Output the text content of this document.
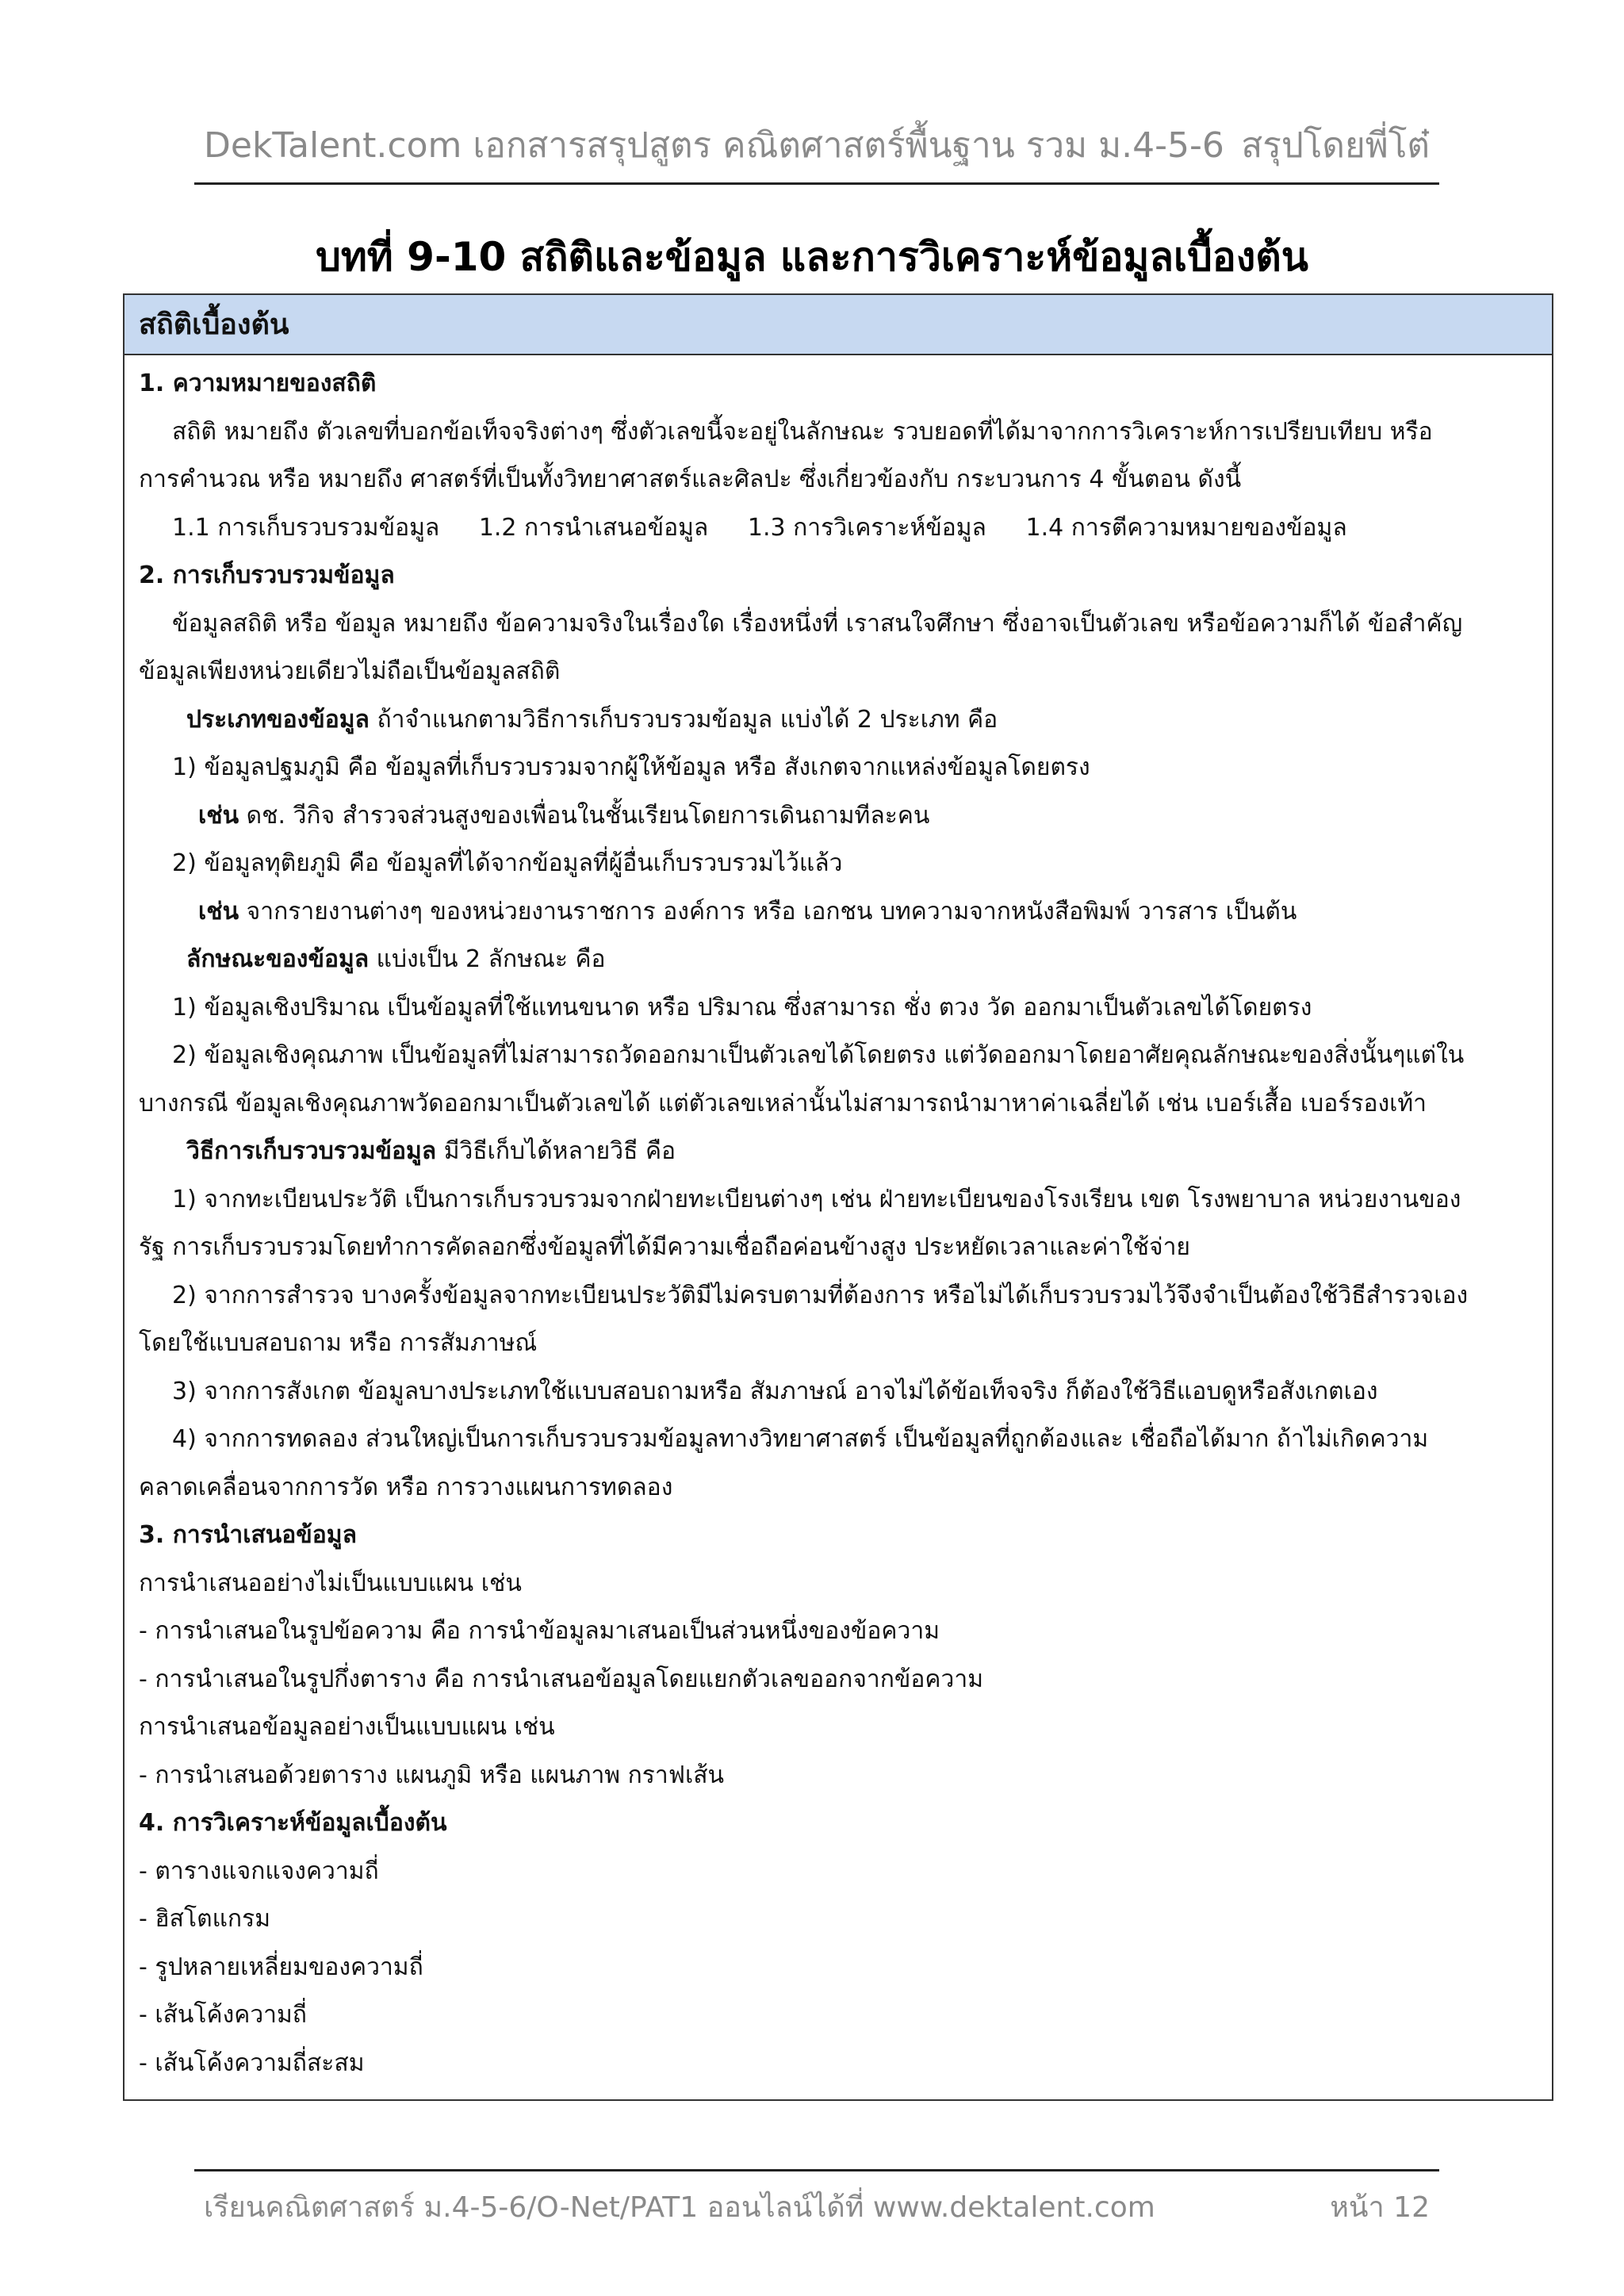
DekTalent.com เอกสารสรุปสูตร คณิตศาสตร์พื้นฐาน รวม ม.4-5-6 สรุปโดยพี่โต๋
บทที่ 9-10 สถิติและข้อมูล และการวิเคราะห์ข้อมูลเบื้องต้น
สถิติเบื้องต้น
1. ความหมายของสถิติ
สถิติ หมายถึง ตัวเลขที่บอกข้อเท็จจริงต่างๆ ซึ่งตัวเลขนี้จะอยู่ในลักษณะ รวบยอดที่ได้มาจากการวิเคราะห์การเปรียบเทียบ หรือ
การคำนวณ หรือ หมายถึง ศาสตร์ที่เป็นทั้งวิทยาศาสตร์และศิลปะ ซึ่งเกี่ยวข้องกับ กระบวนการ 4 ขั้นตอน ดังนี้
1.1 การเก็บรวบรวมข้อมูล 1.2 การนำเสนอข้อมูล 1.3 การวิเคราะห์ข้อมูล 1.4 การตีความหมายของข้อมูล
2. การเก็บรวบรวมข้อมูล
ข้อมูลสถิติ หรือ ข้อมูล หมายถึง ข้อความจริงในเรื่องใด เรื่องหนึ่งที่ เราสนใจศึกษา ซึ่งอาจเป็นตัวเลข หรือข้อความก็ได้ ข้อสำคัญ
ข้อมูลเพียงหน่วยเดียวไม่ถือเป็นข้อมูลสถิติ
ประเภทของข้อมูล ถ้าจำแนกตามวิธีการเก็บรวบรวมข้อมูล แบ่งได้ 2 ประเภท คือ
1) ข้อมูลปฐมภูมิ คือ ข้อมูลที่เก็บรวบรวมจากผู้ให้ข้อมูล หรือ สังเกตจากแหล่งข้อมูลโดยตรง
เช่น ดช. วีกิจ สำรวจส่วนสูงของเพื่อนในชั้นเรียนโดยการเดินถามทีละคน
2) ข้อมูลทุติยภูมิ คือ ข้อมูลที่ได้จากข้อมูลที่ผู้อื่นเก็บรวบรวมไว้แล้ว
เช่น จากรายงานต่างๆ ของหน่วยงานราชการ องค์การ หรือ เอกชน บทความจากหนังสือพิมพ์ วารสาร เป็นต้น
ลักษณะของข้อมูล แบ่งเป็น 2 ลักษณะ คือ
1) ข้อมูลเชิงปริมาณ เป็นข้อมูลที่ใช้แทนขนาด หรือ ปริมาณ ซึ่งสามารถ ชั่ง ตวง วัด ออกมาเป็นตัวเลขได้โดยตรง
2) ข้อมูลเชิงคุณภาพ เป็นข้อมูลที่ไม่สามารถวัดออกมาเป็นตัวเลขได้โดยตรง แต่วัดออกมาโดยอาศัยคุณลักษณะของสิ่งนั้นๆแต่ใน
บางกรณี ข้อมูลเชิงคุณภาพวัดออกมาเป็นตัวเลขได้ แต่ตัวเลขเหล่านั้นไม่สามารถนำมาหาค่าเฉลี่ยได้ เช่น เบอร์เสื้อ เบอร์รองเท้า
วิธีการเก็บรวบรวมข้อมูล มีวิธีเก็บได้หลายวิธี คือ
1) จากทะเบียนประวัติ เป็นการเก็บรวบรวมจากฝ่ายทะเบียนต่างๆ เช่น ฝ่ายทะเบียนของโรงเรียน เขต โรงพยาบาล หน่วยงานของ
รัฐ การเก็บรวบรวมโดยทำการคัดลอกซึ่งข้อมูลที่ได้มีความเชื่อถือค่อนข้างสูง ประหยัดเวลาและค่าใช้จ่าย
2) จากการสำรวจ บางครั้งข้อมูลจากทะเบียนประวัติมีไม่ครบตามที่ต้องการ หรือไม่ได้เก็บรวบรวมไว้จึงจำเป็นต้องใช้วิธีสำรวจเอง
โดยใช้แบบสอบถาม หรือ การสัมภาษณ์
3) จากการสังเกต ข้อมูลบางประเภทใช้แบบสอบถามหรือ สัมภาษณ์ อาจไม่ได้ข้อเท็จจริง ก็ต้องใช้วิธีแอบดูหรือสังเกตเอง
4) จากการทดลอง ส่วนใหญ่เป็นการเก็บรวบรวมข้อมูลทางวิทยาศาสตร์ เป็นข้อมูลที่ถูกต้องและ เชื่อถือได้มาก ถ้าไม่เกิดความ
คลาดเคลื่อนจากการวัด หรือ การวางแผนการทดลอง
3. การนำเสนอข้อมูล
การนำเสนออย่างไม่เป็นแบบแผน เช่น
- การนำเสนอในรูปข้อความ คือ การนำข้อมูลมาเสนอเป็นส่วนหนึ่งของข้อความ
- การนำเสนอในรูปกึ่งตาราง คือ การนำเสนอข้อมูลโดยแยกตัวเลขออกจากข้อความ
การนำเสนอข้อมูลอย่างเป็นแบบแผน เช่น
- การนำเสนอด้วยตาราง แผนภูมิ หรือ แผนภาพ กราฟเส้น
4. การวิเคราะห์ข้อมูลเบื้องต้น
- ตารางแจกแจงความถี่
- ฮิสโตแกรม
- รูปหลายเหลี่ยมของความถี่
- เส้นโค้งความถี่
- เส้นโค้งความถี่สะสม
เรียนคณิตศาสตร์ ม.4-5-6/O-Net/PAT1 ออนไลน์ได้ที่ www.dektalent.com	หน้า 12
